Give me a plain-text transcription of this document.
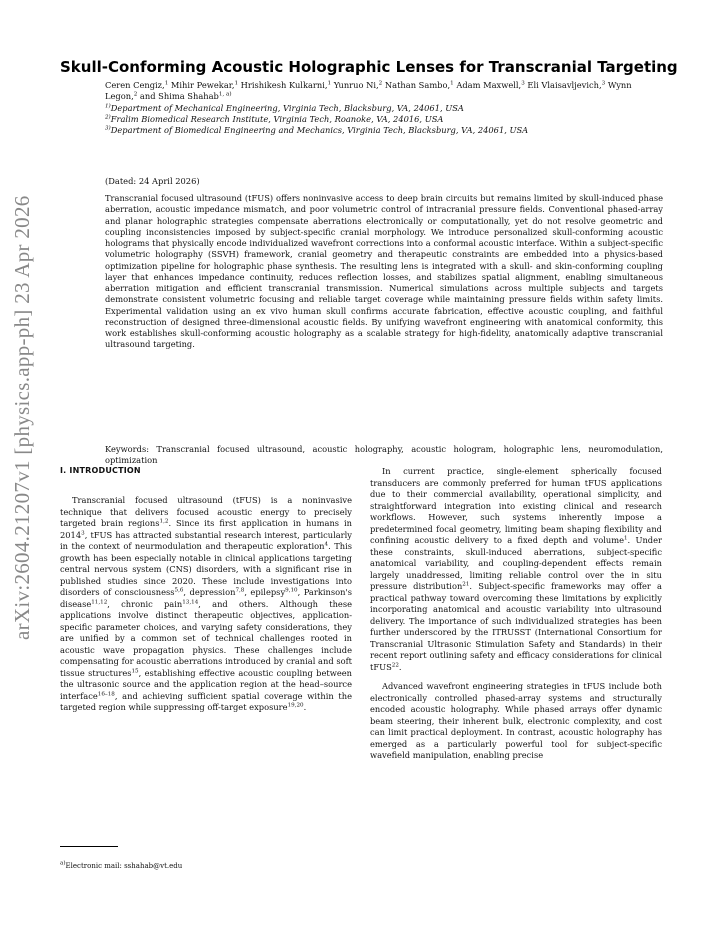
arXiv:2604.21207v1 [physics.app-ph] 23 Apr 2026
Skull-Conforming Acoustic Holographic Lenses for Transcranial Targeting
Ceren Cengiz,$^1$ Mihir Pewekar,$^1$ Hrishikesh Kulkarni,$^1$ Yunruo Ni,$^2$ Nathan Sambo,$^1$ Adam Maxwell,$^3$ Eli Vlaisavljevich,$^3$ Wynn Legon,$^2$ and Shima Shahab$^{1, a)}$
$^{1)}$Department of Mechanical Engineering, Virginia Tech, Blacksburg, VA, 24061, USA
$^{2)}$Fralim Biomedical Research Institute, Virginia Tech, Roanoke, VA, 24016, USA
$^{3)}$Department of Biomedical Engineering and Mechanics, Virginia Tech, Blacksburg, VA, 24061, USA
(Dated: 24 April 2026)

Transcranial focused ultrasound (tFUS) offers noninvasive access to deep brain circuits but remains limited by skull-induced phase aberration, acoustic impedance mismatch, and poor volumetric control of intracranial pressure fields. Conventional phased-array and planar holographic strategies compensate aberrations electronically or computationally, yet do not resolve geometric and coupling inconsistencies imposed by subject-specific cranial morphology. We introduce personalized skull-conforming acoustic holograms that physically encode individualized wavefront corrections into a conformal acoustic interface. Within a subject-specific volumetric holography (SSVH) framework, cranial geometry and therapeutic constraints are embedded into a physics-based optimization pipeline for holographic phase synthesis. The resulting lens is integrated with a skull- and skin-conforming coupling layer that enhances impedance continuity, reduces reflection losses, and stabilizes spatial alignment, enabling simultaneous aberration mitigation and efficient transcranial transmission. Numerical simulations across multiple subjects and targets demonstrate consistent volumetric focusing and reliable target coverage while maintaining pressure fields within safety limits. Experimental validation using an ex vivo human skull confirms accurate fabrication, effective acoustic coupling, and faithful reconstruction of designed three-dimensional acoustic fields. By unifying wavefront engineering with anatomical conformity, this work establishes skull-conforming acoustic holography as a scalable strategy for high-fidelity, anatomically adaptive transcranial ultrasound targeting.

Keywords: Transcranial focused ultrasound, acoustic holography, acoustic hologram, holographic lens, neuromodulation, optimization

I. INTRODUCTION

Transcranial focused ultrasound (tFUS) is a noninvasive technique that delivers focused acoustic energy to precisely targeted brain regions$^{1,2}$. Since its first application in humans in 2014$^3$, tFUS has attracted substantial research interest, particularly in the context of neurmodulation and therapeutic exploration$^4$. This growth has been especially notable in clinical applications targeting central nervous system (CNS) disorders, with a significant rise in published studies since 2020. These include investigations into disorders of consciousness$^{5,6}$, depression$^{7,8}$, epilepsy$^{9,10}$, Parkinson's disease$^{11,12}$, chronic pain$^{13,14}$, and others. Although these applications involve distinct therapeutic objectives, application-specific parameter choices, and varying safety considerations, they are unified by a common set of technical challenges rooted in acoustic wave propagation physics. These challenges include compensating for acoustic aberrations introduced by cranial and soft tissue structures$^{15}$, establishing effective acoustic coupling between the ultrasonic source and the application region at the head–source interface$^{16-18}$, and achieving sufficient spatial coverage within the targeted region while suppressing off-target exposure$^{19,20}$.

In current practice, single-element spherically focused transducers are commonly preferred for human tFUS applications due to their commercial availability, operational simplicity, and straightforward integration into existing clinical and research workflows. However, such systems inherently impose a predetermined focal geometry, limiting beam shaping flexibility and confining acoustic delivery to a fixed depth and volume$^1$. Under these constraints, skull-induced aberrations, subject-specific anatomical variability, and coupling-dependent effects remain largely unaddressed, limiting reliable control over the in situ pressure distribution$^{21}$. Subject-specific frameworks may offer a practical pathway toward overcoming these limitations by explicitly incorporating anatomical and acoustic variability into ultrasound delivery. The importance of such individualized strategies has been further underscored by the ITRUSST (International Consortium for Transcranial Ultrasonic Stimulation Safety and Standards) in their recent report outlining safety and efficacy considerations for clinical tFUS$^{22}$.

Advanced wavefront engineering strategies in tFUS include both electronically controlled phased-array systems and structurally encoded acoustic holography. While phased arrays offer dynamic beam steering, their inherent bulk, electronic complexity, and cost can limit practical deployment. In contrast, acoustic holography has emerged as a particularly powerful tool for subject-specific wavefield manipulation, enabling precise

$^{a)}$Electronic mail: sshahab@vt.edu
